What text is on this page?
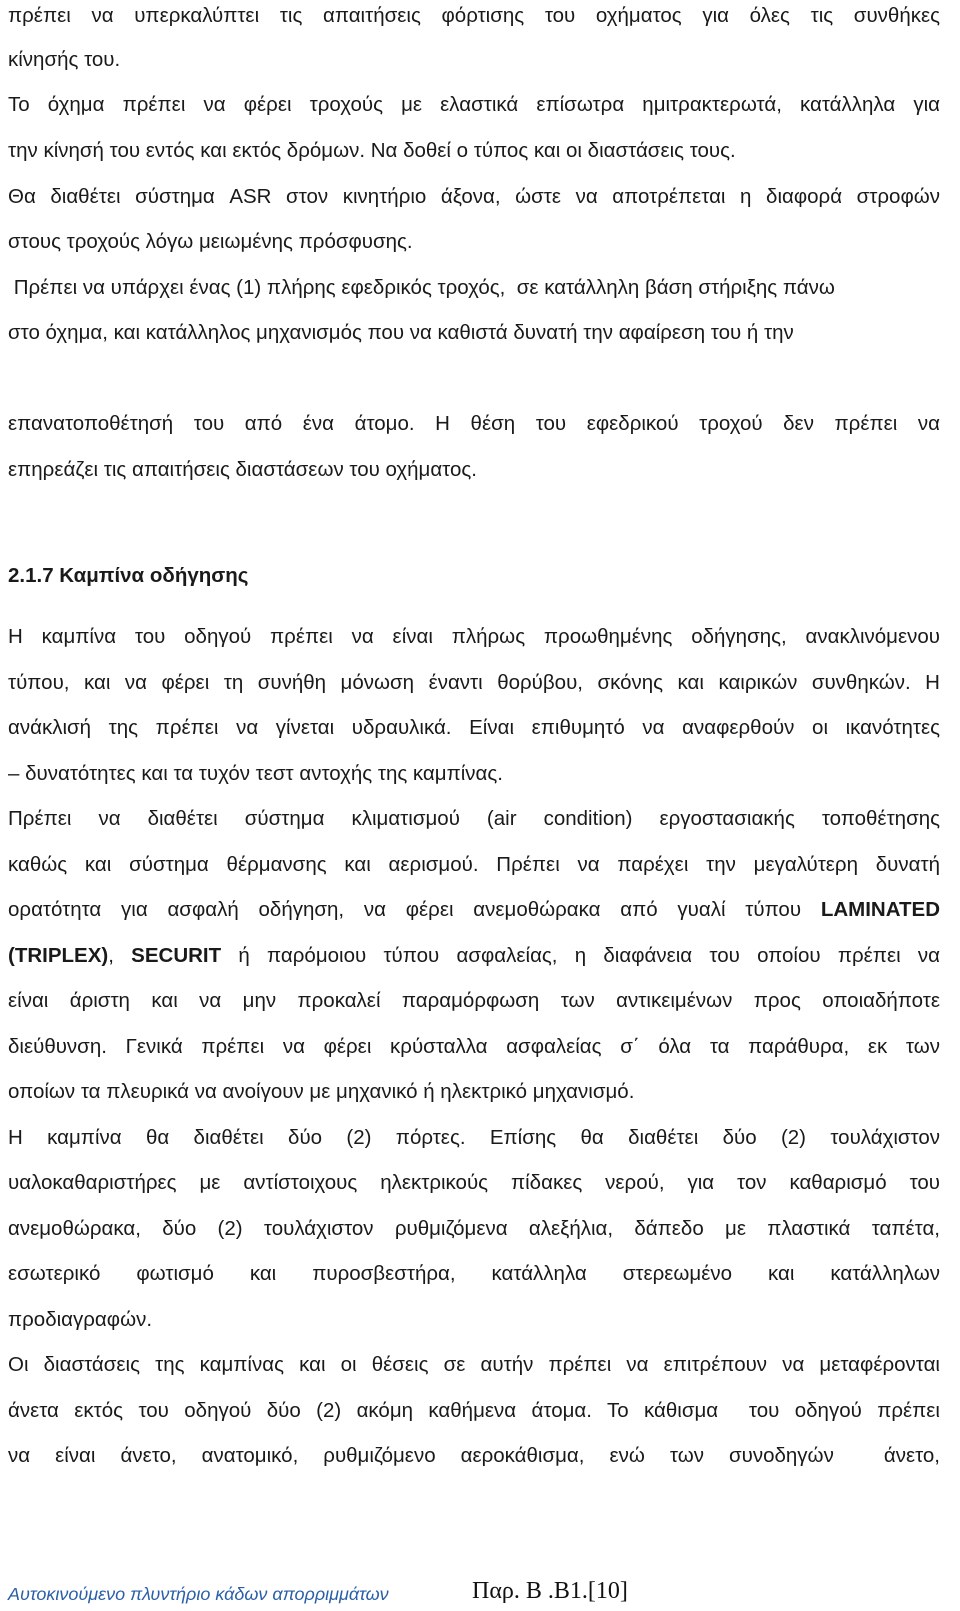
πρέπει να υπερκαλύπτει τις απαιτήσεις φόρτισης του οχήματος για όλες τις συνθήκες
κίνησής του.
Το όχημα πρέπει να φέρει τροχούς με ελαστικά επίσωτρα ημιτρακτερωτά, κατάλληλα για
την κίνησή του εντός και εκτός δρόμων. Να δοθεί ο τύπος και οι διαστάσεις τους.
Θα διαθέτει σύστημα ASR στον κινητήριο άξονα, ώστε να αποτρέπεται η διαφορά στροφών
στους τροχούς λόγω μειωμένης πρόσφυσης.
Πρέπει να υπάρχει ένας (1) πλήρης εφεδρικός τροχός,  σε κατάλληλη βάση στήριξης πάνω
στο όχημα, και κατάλληλος μηχανισμός που να καθιστά δυνατή την αφαίρεση του ή την
επανατοποθέτησή του από ένα άτομο. Η θέση του εφεδρικού τροχού δεν πρέπει να
επηρεάζει τις απαιτήσεις διαστάσεων του οχήματος.
2.1.7 Καμπίνα οδήγησης
Η καμπίνα του οδηγού πρέπει να είναι πλήρως προωθημένης οδήγησης, ανακλινόμενου
τύπου, και να φέρει τη συνήθη μόνωση έναντι θορύβου, σκόνης και καιρικών συνθηκών. Η
ανάκλισή της πρέπει να γίνεται υδραυλικά. Είναι επιθυμητό να αναφερθούν οι ικανότητες
– δυνατότητες και τα τυχόν τεστ αντοχής της καμπίνας.
Πρέπει να διαθέτει σύστημα κλιματισμού (air condition) εργοστασιακής τοποθέτησης
καθώς και σύστημα θέρμανσης και αερισμού. Πρέπει να παρέχει την μεγαλύτερη δυνατή
ορατότητα για ασφαλή οδήγηση, να φέρει ανεμοθώρακα από γυαλί τύπου LAMINATED
(TRIPLEX), SECURIT ή παρόμοιου τύπου ασφαλείας, η διαφάνεια του οποίου πρέπει να
είναι άριστη και να μην προκαλεί παραμόρφωση των αντικειμένων προς οποιαδήποτε
διεύθυνση. Γενικά πρέπει να φέρει κρύσταλλα ασφαλείας σ΄ όλα τα παράθυρα, εκ των
οποίων τα πλευρικά να ανοίγουν με μηχανικό ή ηλεκτρικό μηχανισμό.
Η καμπίνα θα διαθέτει δύο (2) πόρτες. Επίσης θα διαθέτει δύο (2) τουλάχιστον
υαλοκαθαριστήρες με αντίστοιχους ηλεκτρικούς πίδακες νερού, για τον καθαρισμό του
ανεμοθώρακα, δύο (2) τουλάχιστον ρυθμιζόμενα αλεξήλια, δάπεδο με πλαστικά ταπέτα,
εσωτερικό φωτισμό και πυροσβεστήρα, κατάλληλα στερεωμένο και κατάλληλων
προδιαγραφών.
Οι διαστάσεις της καμπίνας και οι θέσεις σε αυτήν πρέπει να επιτρέπουν να μεταφέρονται
άνετα εκτός του οδηγού δύο (2) ακόμη καθήμενα άτομα. Το κάθισμα  του οδηγού πρέπει
να είναι άνετο, ανατομικό, ρυθμιζόμενο αεροκάθισμα, ενώ των συνοδηγών  άνετο,
Αυτοκινούμενο πλυντήριο κάδων απορριμμάτων	Παρ. Β .Β1.[10]
